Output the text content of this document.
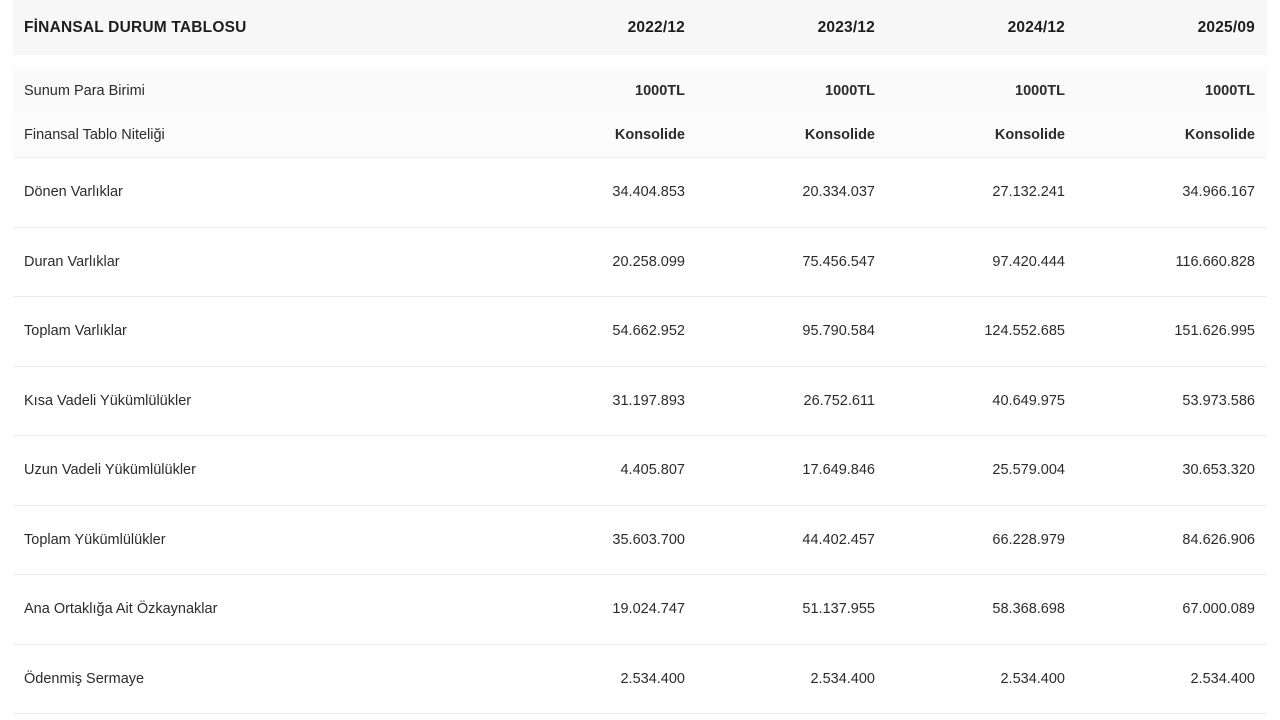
FİNANSAL DURUM TABLOSU	2022/12	2023/12	2024/12	2025/09

Sunum Para Birimi	1000TL	1000TL	1000TL	1000TL
Finansal Tablo Niteliği	Konsolide	Konsolide	Konsolide	Konsolide
Dönen Varlıklar	34.404.853	20.334.037	27.132.241	34.966.167
Duran Varlıklar	20.258.099	75.456.547	97.420.444	116.660.828
Toplam Varlıklar	54.662.952	95.790.584	124.552.685	151.626.995
Kısa Vadeli Yükümlülükler	31.197.893	26.752.611	40.649.975	53.973.586
Uzun Vadeli Yükümlülükler	4.405.807	17.649.846	25.579.004	30.653.320
Toplam Yükümlülükler	35.603.700	44.402.457	66.228.979	84.626.906
Ana Ortaklığa Ait Özkaynaklar	19.024.747	51.137.955	58.368.698	67.000.089
Ödenmiş Sermaye	2.534.400	2.534.400	2.534.400	2.534.400
